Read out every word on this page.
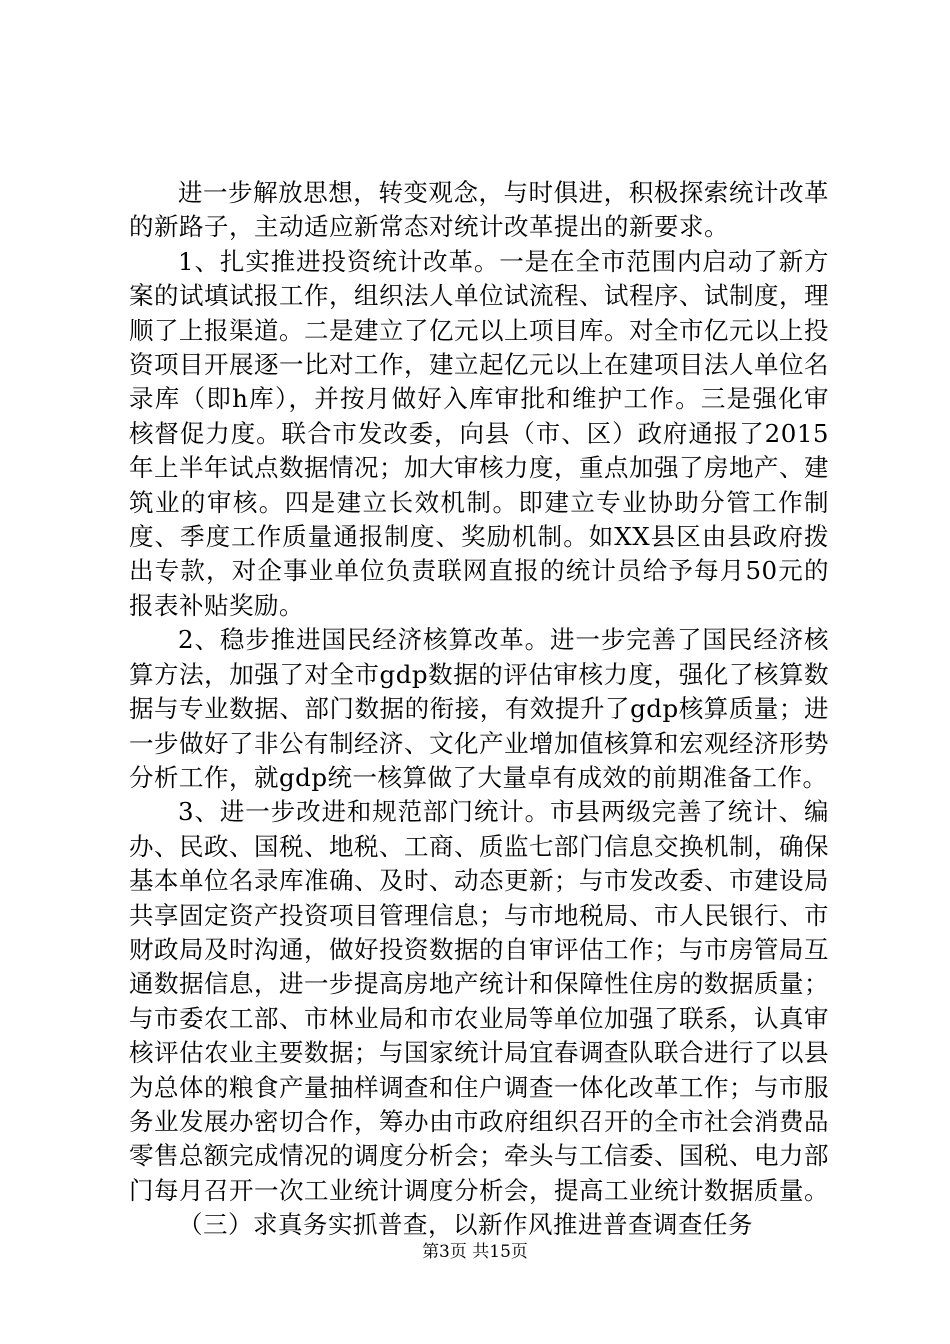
进一步解放思想，转变观念，与时俱进，积极探索统计改革的新路子，主动适应新常态对统计改革提出的新要求。

1、扎实推进投资统计改革。一是在全市范围内启动了新方案的试填试报工作，组织法人单位试流程、试程序、试制度，理顺了上报渠道。二是建立了亿元以上项目库。对全市亿元以上投资项目开展逐一比对工作，建立起亿元以上在建项目法人单位名录库（即h库），并按月做好入库审批和维护工作。三是强化审核督促力度。联合市发改委，向县（市、区）政府通报了2015年上半年试点数据情况；加大审核力度，重点加强了房地产、建筑业的审核。四是建立长效机制。即建立专业协助分管工作制度、季度工作质量通报制度、奖励机制。如XX县区由县政府拨出专款，对企事业单位负责联网直报的统计员给予每月50元的报表补贴奖励。

2、稳步推进国民经济核算改革。进一步完善了国民经济核算方法，加强了对全市gdp数据的评估审核力度，强化了核算数据与专业数据、部门数据的衔接，有效提升了gdp核算质量；进一步做好了非公有制经济、文化产业增加值核算和宏观经济形势分析工作，就gdp统一核算做了大量卓有成效的前期准备工作。

3、进一步改进和规范部门统计。市县两级完善了统计、编办、民政、国税、地税、工商、质监七部门信息交换机制，确保基本单位名录库准确、及时、动态更新；与市发改委、市建设局共享固定资产投资项目管理信息；与市地税局、市人民银行、市财政局及时沟通，做好投资数据的自审评估工作；与市房管局互通数据信息，进一步提高房地产统计和保障性住房的数据质量；与市委农工部、市林业局和市农业局等单位加强了联系，认真审核评估农业主要数据；与国家统计局宜春调查队联合进行了以县为总体的粮食产量抽样调查和住户调查一体化改革工作；与市服务业发展办密切合作，筹办由市政府组织召开的全市社会消费品零售总额完成情况的调度分析会；牵头与工信委、国税、电力部门每月召开一次工业统计调度分析会，提高工业统计数据质量。

（三）求真务实抓普查，以新作风推进普查调查任务

第3页 共15页
